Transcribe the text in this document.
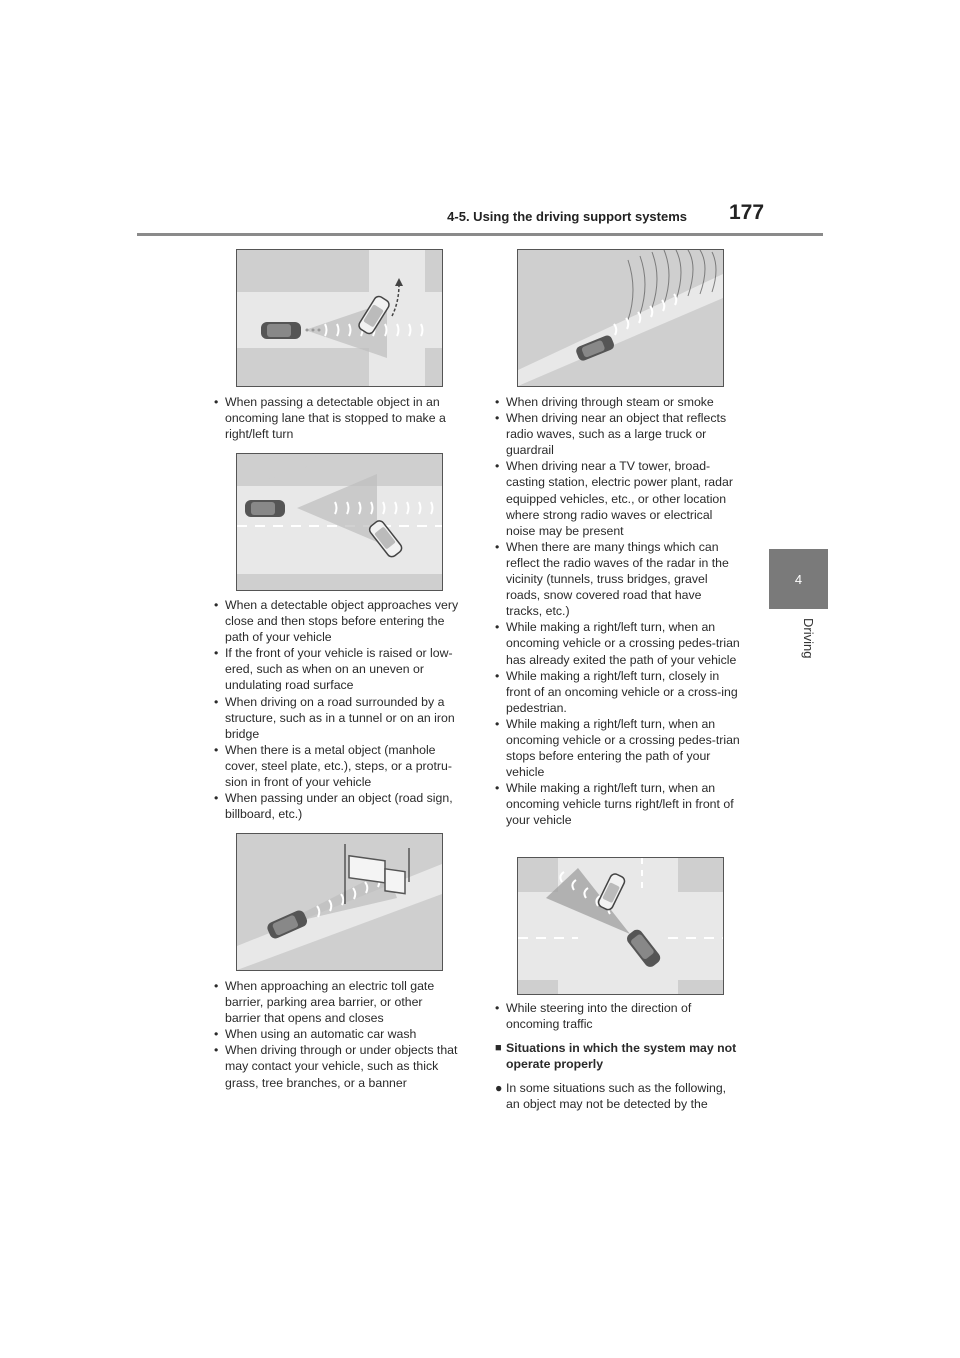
4-5. Using the driving support systems 177
4
Driving
• When passing a detectable object in an oncoming lane that is stopped to make a right/left turn
• When a detectable object approaches very close and then stops before entering the path of your vehicle
• If the front of your vehicle is raised or low-ered, such as when on an uneven or undulating road surface
• When driving on a road surrounded by a structure, such as in a tunnel or on an iron bridge
• When there is a metal object (manhole cover, steel plate, etc.), steps, or a protru-sion in front of your vehicle
• When passing under an object (road sign, billboard, etc.)
• When approaching an electric toll gate barrier, parking area barrier, or other barrier that opens and closes
• When using an automatic car wash
• When driving through or under objects that may contact your vehicle, such as thick grass, tree branches, or a banner
• When driving through steam or smoke
• When driving near an object that reflects radio waves, such as a large truck or guardrail
• When driving near a TV tower, broad-casting station, electric power plant, radar equipped vehicles, etc., or other location where strong radio waves or electrical noise may be present
• When there are many things which can reflect the radio waves of the radar in the vicinity (tunnels, truss bridges, gravel roads, snow covered road that have tracks, etc.)
• While making a right/left turn, when an oncoming vehicle or a crossing pedes-trian has already exited the path of your vehicle
• While making a right/left turn, closely in front of an oncoming vehicle or a cross-ing pedestrian.
• While making a right/left turn, when an oncoming vehicle or a crossing pedes-trian stops before entering the path of your vehicle
• While making a right/left turn, when an oncoming vehicle turns right/left in front of your vehicle
• While steering into the direction of oncoming traffic
■ Situations in which the system may not operate properly
● In some situations such as the following, an object may not be detected by the
